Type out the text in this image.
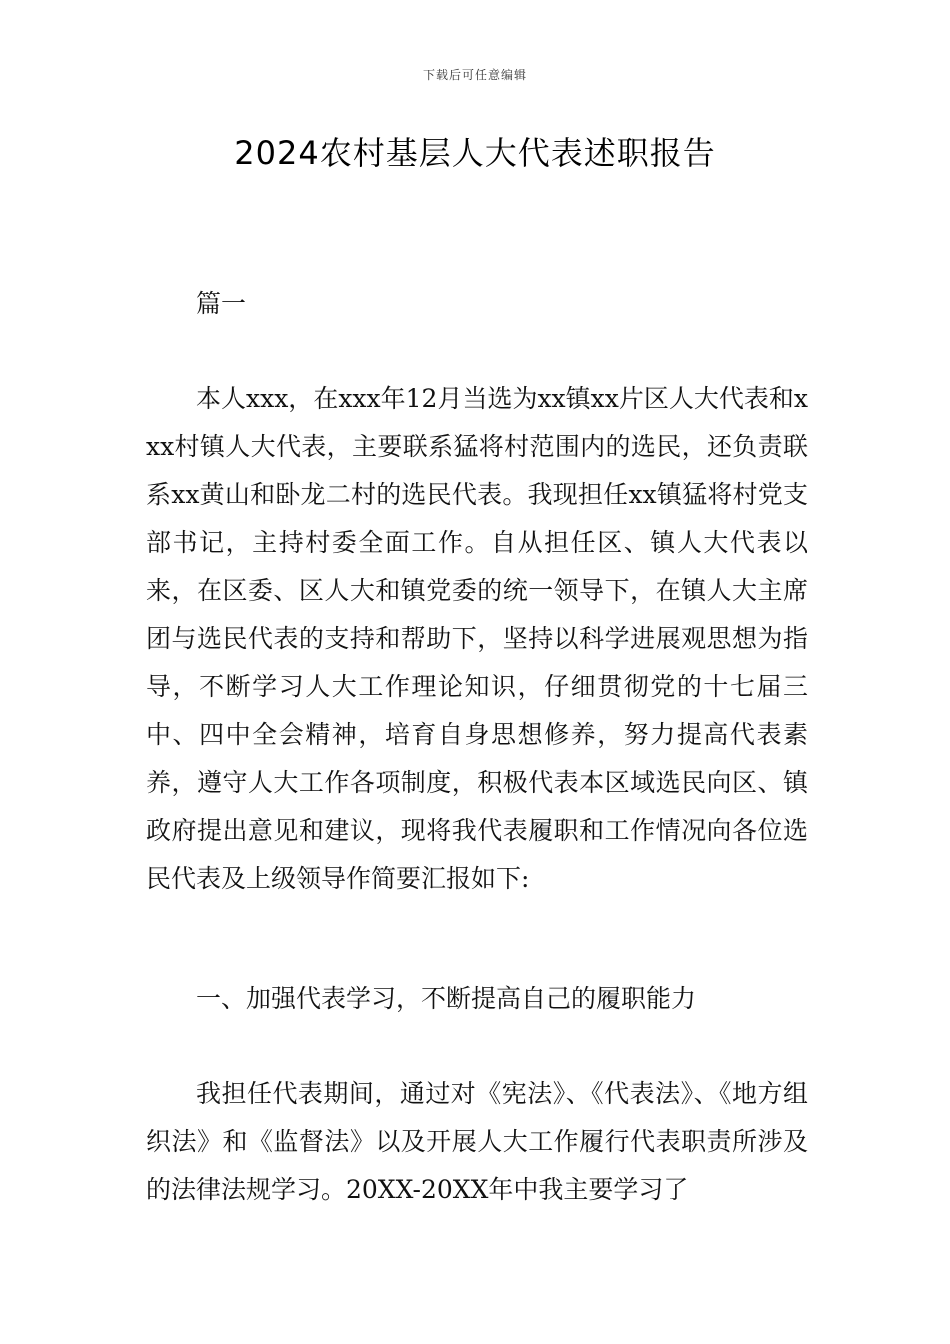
下载后可任意编辑
2024农村基层人大代表述职报告

篇一

本人xxx，在xxx年12月当选为xx镇xx片区人大代表和xxx村镇人大代表，主要联系猛将村范围内的选民，还负责联系xx黄山和卧龙二村的选民代表。我现担任xx镇猛将村党支部书记，主持村委全面工作。自从担任区、镇人大代表以来，在区委、区人大和镇党委的统一领导下，在镇人大主席团与选民代表的支持和帮助下，坚持以科学进展观思想为指导，不断学习人大工作理论知识，仔细贯彻党的十七届三中、四中全会精神，培育自身思想修养，努力提高代表素养，遵守人大工作各项制度，积极代表本区域选民向区、镇政府提出意见和建议，现将我代表履职和工作情况向各位选民代表及上级领导作简要汇报如下:

一、加强代表学习，不断提高自己的履职能力

我担任代表期间，通过对《宪法》、《代表法》、《地方组织法》和《监督法》以及开展人大工作履行代表职责所涉及的法律法规学习。20XX-20XX年中我主要学习了
